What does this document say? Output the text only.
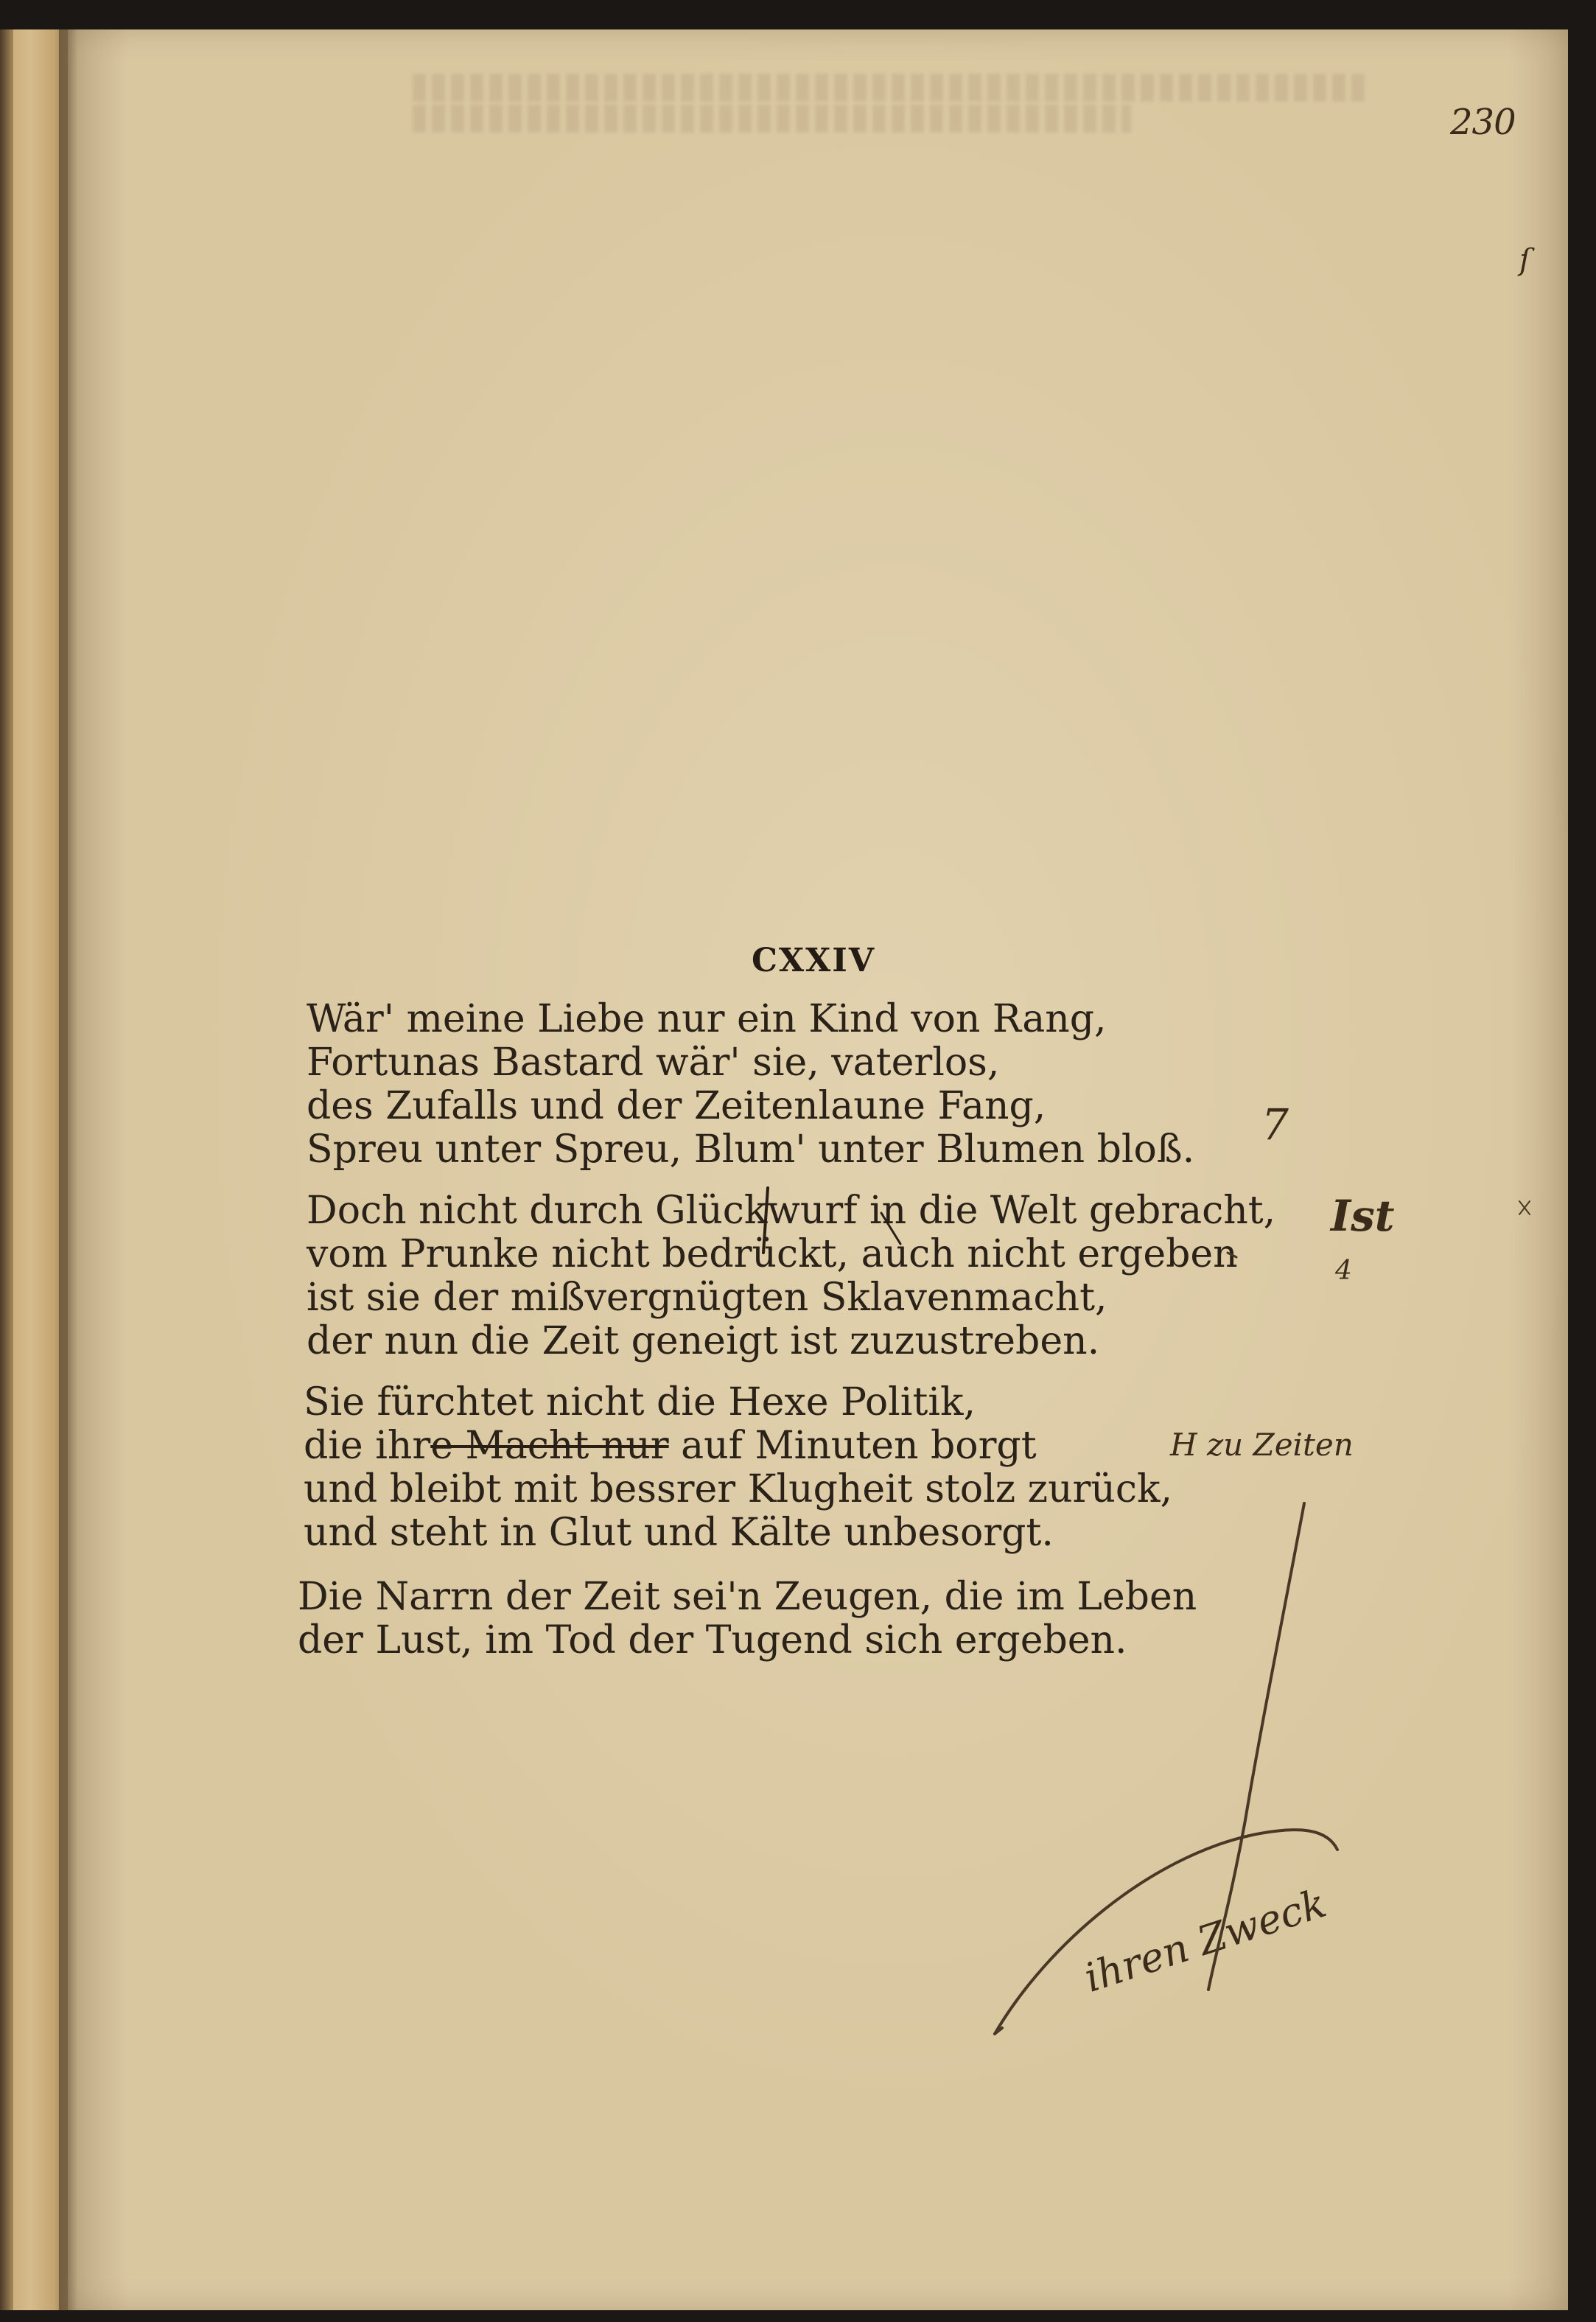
230
ſ
CXXIV
Wär' meine Liebe nur ein Kind von Rang,
Fortunas Bastard wär' sie, vaterlos,
des Zufalls und der Zeitenlaune Fang,
Spreu unter Spreu, Blum' unter Blumen bloß.
Doch nicht durch Glückwurf in die Welt gebracht,
vom Prunke nicht bedrückt, auch nicht ergeben
ist sie der mißvergnügten Sklavenmacht,
der nun die Zeit geneigt ist zuzustreben.
Sie fürchtet nicht die Hexe Politik,
die ihre Macht nur auf Minuten borgt
und bleibt mit bessrer Klugheit stolz zurück,
und steht in Glut und Kälte unbesorgt.
Die Narrn der Zeit sei'n Zeugen, die im Leben
der Lust, im Tod der Tugend sich ergeben.
7
Ist
4
H zu Zeiten
ihren Zweck
